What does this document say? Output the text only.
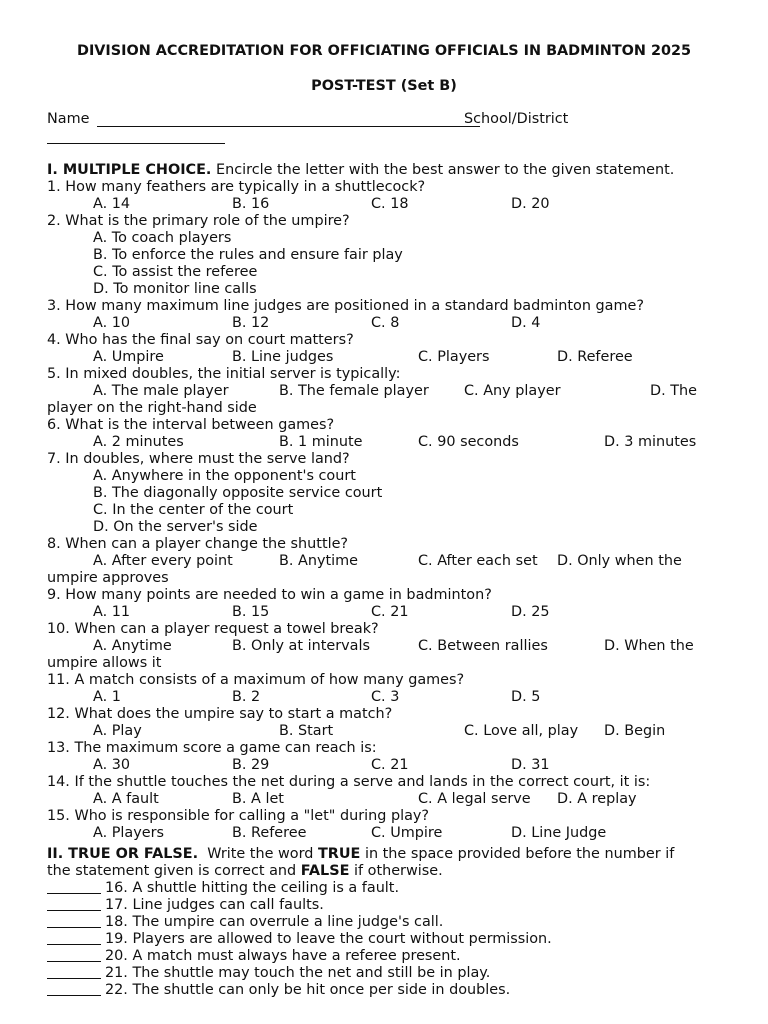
DIVISION ACCREDITATION FOR OFFICIATING OFFICIALS IN BADMINTON 2025
POST-TEST (Set B)
Name	School/District
I. MULTIPLE CHOICE. Encircle the letter with the best answer to the given statement.
1. How many feathers are typically in a shuttlecock?
A. 14	B. 16	C. 18	D. 20
2. What is the primary role of the umpire?
A. To coach players
B. To enforce the rules and ensure fair play
C. To assist the referee
D. To monitor line calls
3. How many maximum line judges are positioned in a standard badminton game?
A. 10	B. 12	C. 8	D. 4
4. Who has the final say on court matters?
A. Umpire	B. Line judges	C. Players	D. Referee
5. In mixed doubles, the initial server is typically:
A. The male player	B. The female player C. Any player	D. The
player on the right-hand side
6. What is the interval between games?
A. 2 minutes	B. 1 minute	C. 90 seconds	D. 3 minutes
7. In doubles, where must the serve land?
A. Anywhere in the opponent's court
B. The diagonally opposite service court
C. In the center of the court
D. On the server's side
8. When can a player change the shuttle?
A. After every point	B. Anytime	C. After each set D. Only when the
umpire approves
9. How many points are needed to win a game in badminton?
A. 11	B. 15	C. 21	D. 25
10. When can a player request a towel break?
A. Anytime	B. Only at intervals	C. Between rallies	D. When the
umpire allows it
11. A match consists of a maximum of how many games?
A. 1	B. 2	C. 3	D. 5
12. What does the umpire say to start a match?
A. Play	B. Start	C. Love all, play D. Begin
13. The maximum score a game can reach is:
A. 30	B. 29	C. 21	D. 31
14. If the shuttle touches the net during a serve and lands in the correct court, it is:
A. A fault	B. A let	C. A legal serve D. A replay
15. Who is responsible for calling a "let" during play?
A. Players	B. Referee	C. Umpire	D. Line Judge
II. TRUE OR FALSE.  Write the word TRUE in the space provided before the number if
the statement given is correct and FALSE if otherwise.
16. A shuttle hitting the ceiling is a fault.
17. Line judges can call faults.
18. The umpire can overrule a line judge's call.
19. Players are allowed to leave the court without permission.
20. A match must always have a referee present.
21. The shuttle may touch the net and still be in play.
22. The shuttle can only be hit once per side in doubles.
